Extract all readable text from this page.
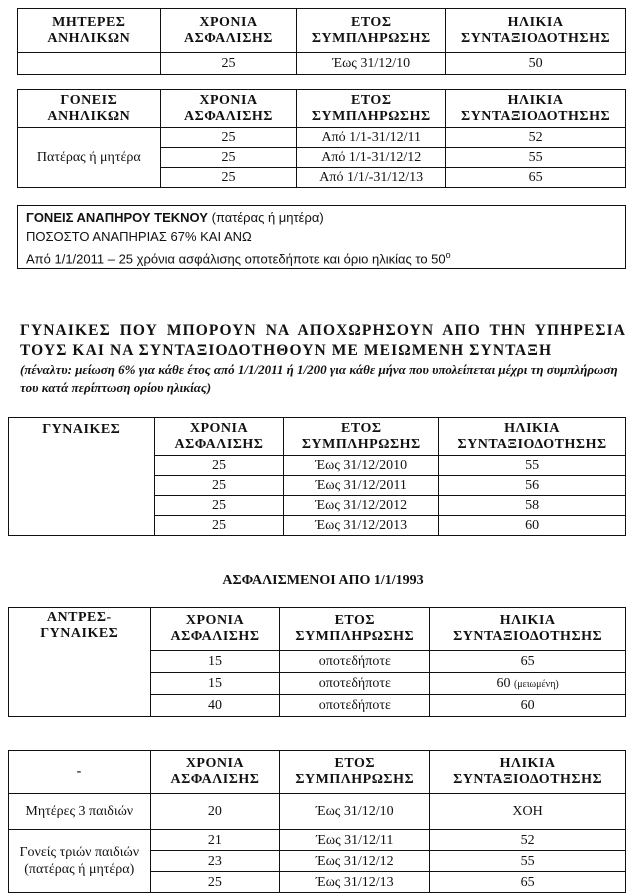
ΜΗΤΕΡΕΣ ΑΝΗΛΙΚΩΝ	ΧΡΟΝΙΑ ΑΣΦΑΛΙΣΗΣ	ΕΤΟΣ ΣΥΜΠΛΗΡΩΣΗΣ	ΗΛΙΚΙΑ ΣΥΝΤΑΞΙΟΔΟΤΗΣΗΣ
	25	Έως 31/12/10	50
ΓΟΝΕΙΣ ΑΝΗΛΙΚΩΝ	ΧΡΟΝΙΑ ΑΣΦΑΛΙΣΗΣ	ΕΤΟΣ ΣΥΜΠΛΗΡΩΣΗΣ	ΗΛΙΚΙΑ ΣΥΝΤΑΞΙΟΔΟΤΗΣΗΣ
Πατέρας ή μητέρα	25	Από 1/1-31/12/11	52
	25	Από 1/1-31/12/12	55
	25	Από 1/1/-31/12/13	65
ΓΟΝΕΙΣ ΑΝΑΠΗΡΟΥ ΤΕΚΝΟΥ (πατέρας ή μητέρα)
ΠΟΣΟΣΤΟ ΑΝΑΠΗΡΙΑΣ 67% ΚΑΙ ΑΝΩ
Από 1/1/2011 – 25 χρόνια ασφάλισης οποτεδήποτε και όριο ηλικίας το $50^o$
ΓΥΝΑΙΚΕΣ ΠΟΥ ΜΠΟΡΟΥΝ ΝΑ ΑΠΟΧΩΡΗΣΟΥΝ ΑΠΟ ΤΗΝ ΥΠΗΡΕΣΙΑ ΤΟΥΣ ΚΑΙ ΝΑ ΣΥΝΤΑΞΙΟΔΟΤΗΘΟΥΝ ΜΕ ΜΕΙΩΜΕΝΗ ΣΥΝΤΑΞΗ
(πέναλτυ: μείωση 6% για κάθε έτος από 1/1/2011 ή 1/200 για κάθε μήνα που υπολείπεται μέχρι τη συμπλήρωση του κατά περίπτωση ορίου ηλικίας)
ΓΥΝΑΙΚΕΣ	ΧΡΟΝΙΑ ΑΣΦΑΛΙΣΗΣ	ΕΤΟΣ ΣΥΜΠΛΗΡΩΣΗΣ	ΗΛΙΚΙΑ ΣΥΝΤΑΞΙΟΔΟΤΗΣΗΣ
	25	Έως 31/12/2010	55
	25	Έως 31/12/2011	56
	25	Έως 31/12/2012	58
	25	Έως 31/12/2013	60
ΑΣΦΑΛΙΣΜΕΝΟΙ ΑΠΟ 1/1/1993
ΑΝΤΡΕΣ- ΓΥΝΑΙΚΕΣ	ΧΡΟΝΙΑ ΑΣΦΑΛΙΣΗΣ	ΕΤΟΣ ΣΥΜΠΛΗΡΩΣΗΣ	ΗΛΙΚΙΑ ΣΥΝΤΑΞΙΟΔΟΤΗΣΗΣ
	15	οποτεδήποτε	65
	15	οποτεδήποτε	60 (μειωμένη)
	40	οποτεδήποτε	60
-	ΧΡΟΝΙΑ ΑΣΦΑΛΙΣΗΣ	ΕΤΟΣ ΣΥΜΠΛΗΡΩΣΗΣ	ΗΛΙΚΙΑ ΣΥΝΤΑΞΙΟΔΟΤΗΣΗΣ
Μητέρες 3 παιδιών	20	Έως 31/12/10	ΧΟΗ
Γονείς τριών παιδιών (πατέρας ή μητέρα)	21	Έως 31/12/11	52
	23	Έως 31/12/12	55
	25	Έως 31/12/13	65
